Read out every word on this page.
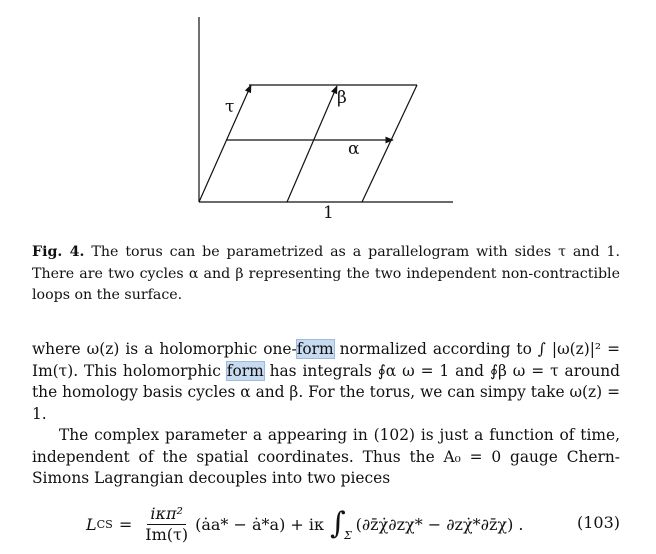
τ	β
α
1
Fig. 4. The torus can be parametrized as a parallelogram with sides τ and 1. There are two cycles α and β representing the two independent non-contractible loops on the surface.
where ω(z) is a holomorphic one-form normalized according to ∫ |ω(z)|² = Im(τ). This holomorphic form has integrals ∮α ω = 1 and ∮β ω = τ around the homology basis cycles α and β. For the torus, we can simpy take ω(z) = 1.
The complex parameter a appearing in (102) is just a function of time, independent of the spatial coordinates. Thus the A₀ = 0 gauge Chern-Simons Lagrangian decouples into two pieces
L CS = $\frac{\text{iκπ²}}{Im(\tau)}$ (ȧa* − ȧ*a) + iκ ∫
Σ
(∂z̄χ̇∂zχ* − ∂zχ̇*∂z̄χ) .	(103)
